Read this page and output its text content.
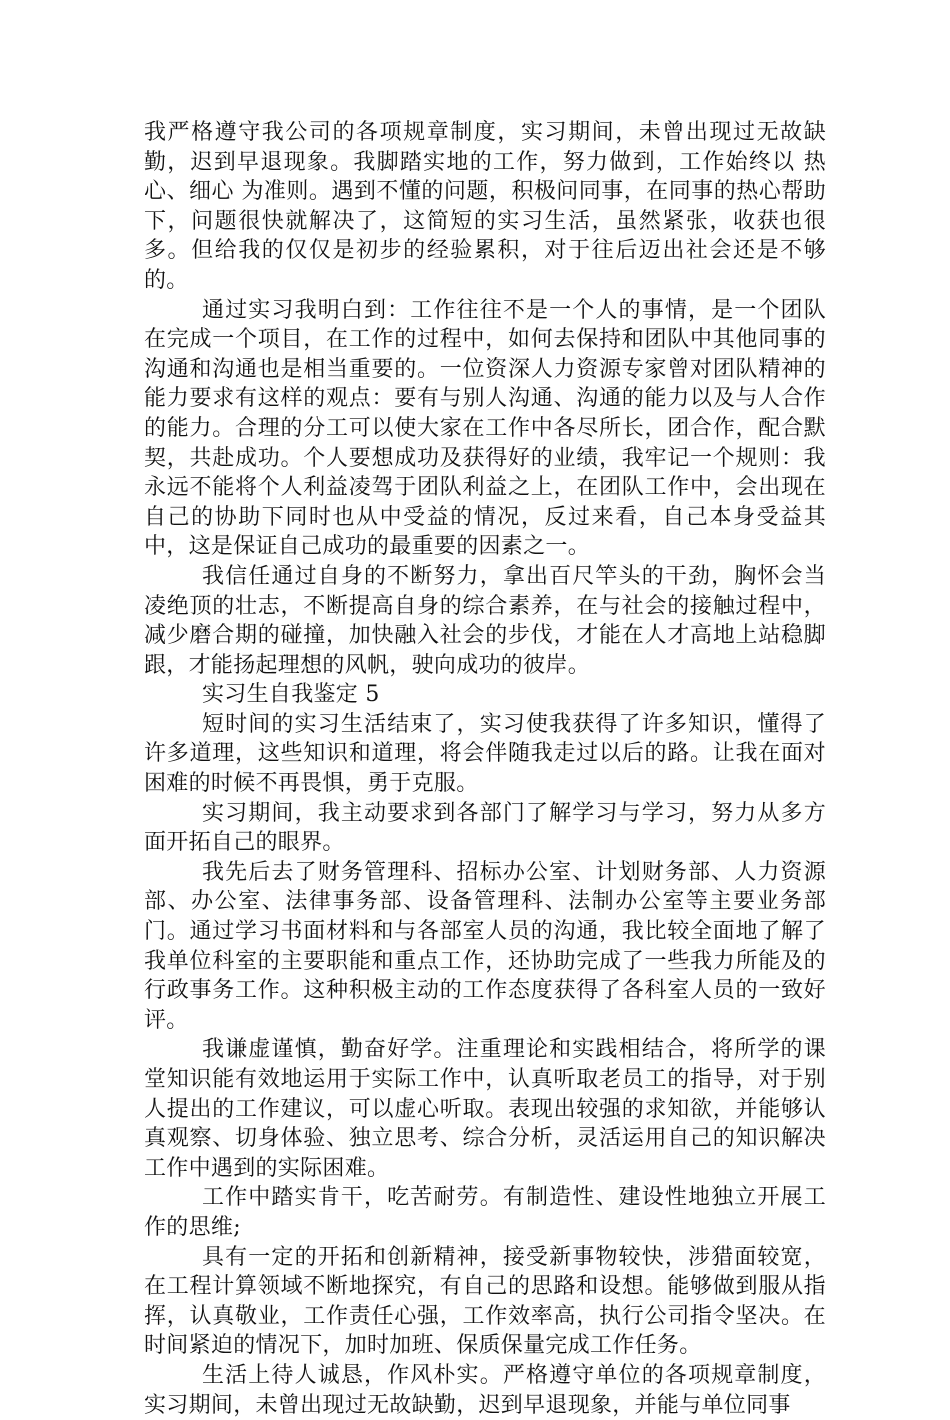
我严格遵守我公司的各项规章制度，实习期间，未曾出现过无故缺勤，迟到早退现象。我脚踏实地的工作，努力做到，工作始终以 热心、细心 为准则。遇到不懂的问题，积极问同事，在同事的热心帮助下，问题很快就解决了，这简短的实习生活，虽然紧张，收获也很多。但给我的仅仅是初步的经验累积，对于往后迈出社会还是不够的。

通过实习我明白到：工作往往不是一个人的事情，是一个团队在完成一个项目，在工作的过程中，如何去保持和团队中其他同事的沟通和沟通也是相当重要的。一位资深人力资源专家曾对团队精神的能力要求有这样的观点：要有与别人沟通、沟通的能力以及与人合作的能力。合理的分工可以使大家在工作中各尽所长，团合作，配合默契，共赴成功。个人要想成功及获得好的业绩，我牢记一个规则：我永远不能将个人利益凌驾于团队利益之上，在团队工作中，会出现在自己的协助下同时也从中受益的情况，反过来看，自己本身受益其中，这是保证自己成功的最重要的因素之一。

我信任通过自身的不断努力，拿出百尺竿头的干劲，胸怀会当凌绝顶的壮志，不断提高自身的综合素养，在与社会的接触过程中，减少磨合期的碰撞，加快融入社会的步伐，才能在人才高地上站稳脚跟，才能扬起理想的风帆，驶向成功的彼岸。

实习生自我鉴定 5

短时间的实习生活结束了，实习使我获得了许多知识，懂得了许多道理，这些知识和道理，将会伴随我走过以后的路。让我在面对困难的时候不再畏惧，勇于克服。

实习期间，我主动要求到各部门了解学习与学习，努力从多方面开拓自己的眼界。

我先后去了财务管理科、招标办公室、计划财务部、人力资源部、办公室、法律事务部、设备管理科、法制办公室等主要业务部门。通过学习书面材料和与各部室人员的沟通，我比较全面地了解了我单位科室的主要职能和重点工作，还协助完成了一些我力所能及的行政事务工作。这种积极主动的工作态度获得了各科室人员的一致好评。

我谦虚谨慎，勤奋好学。注重理论和实践相结合，将所学的课堂知识能有效地运用于实际工作中，认真听取老员工的指导，对于别人提出的工作建议，可以虚心听取。表现出较强的求知欲，并能够认真观察、切身体验、独立思考、综合分析，灵活运用自己的知识解决工作中遇到的实际困难。

工作中踏实肯干，吃苦耐劳。有制造性、建设性地独立开展工作的思维;

具有一定的开拓和创新精神，接受新事物较快，涉猎面较宽，在工程计算领域不断地探究，有自己的思路和设想。能够做到服从指挥，认真敬业，工作责任心强，工作效率高，执行公司指令坚决。在时间紧迫的情况下，加时加班、保质保量完成工作任务。

生活上待人诚恳，作风朴实。严格遵守单位的各项规章制度，实习期间，未曾出现过无故缺勤，迟到早退现象，并能与单位同事
